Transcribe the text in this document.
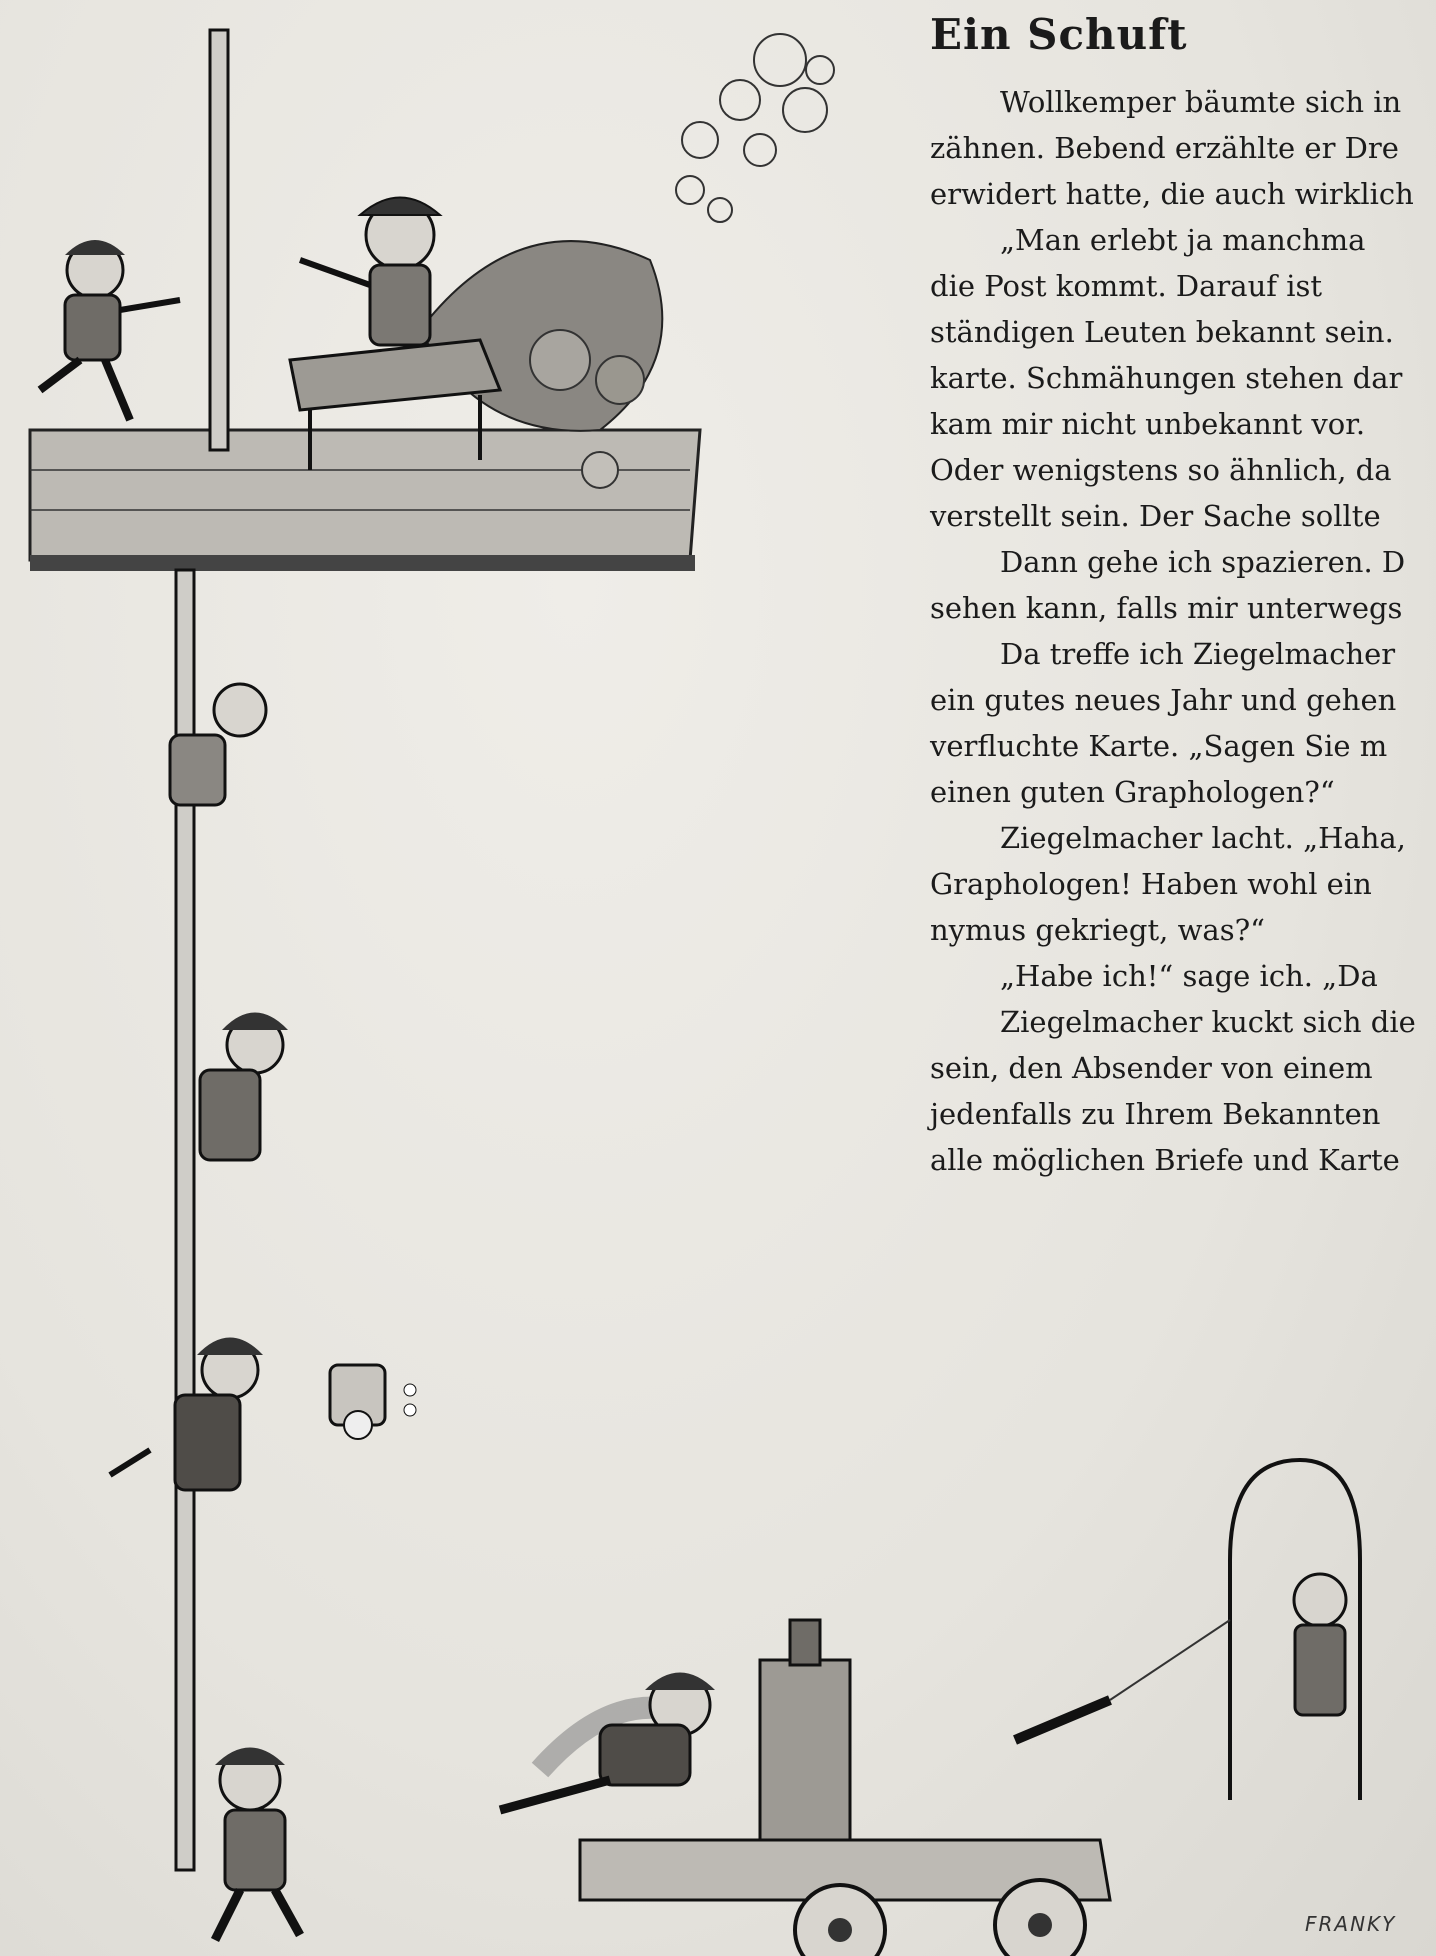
Ein Schuft

Wollkemper bäumte sich in

zähnen. Bebend erzählte er Dre

erwidert hatte, die auch wirklich

„Man erlebt ja manchma

die Post kommt. Darauf ist

ständigen Leuten bekannt sein.

karte. Schmähungen stehen dar

kam mir nicht unbekannt vor.

Oder wenigstens so ähnlich, da

verstellt sein. Der Sache sollte

Dann gehe ich spazieren. D

sehen kann, falls mir unterwegs

Da treffe ich Ziegelmacher

ein gutes neues Jahr und gehen

verfluchte Karte. „Sagen Sie m

einen guten Graphologen?“

Ziegelmacher lacht. „Haha,

Graphologen! Haben wohl ein

nymus gekriegt, was?“

„Habe ich!“ sage ich. „Da

Ziegelmacher kuckt sich die

sein, den Absender von einem

jedenfalls zu Ihrem Bekannten

alle möglichen Briefe und Karte

FRANKY
